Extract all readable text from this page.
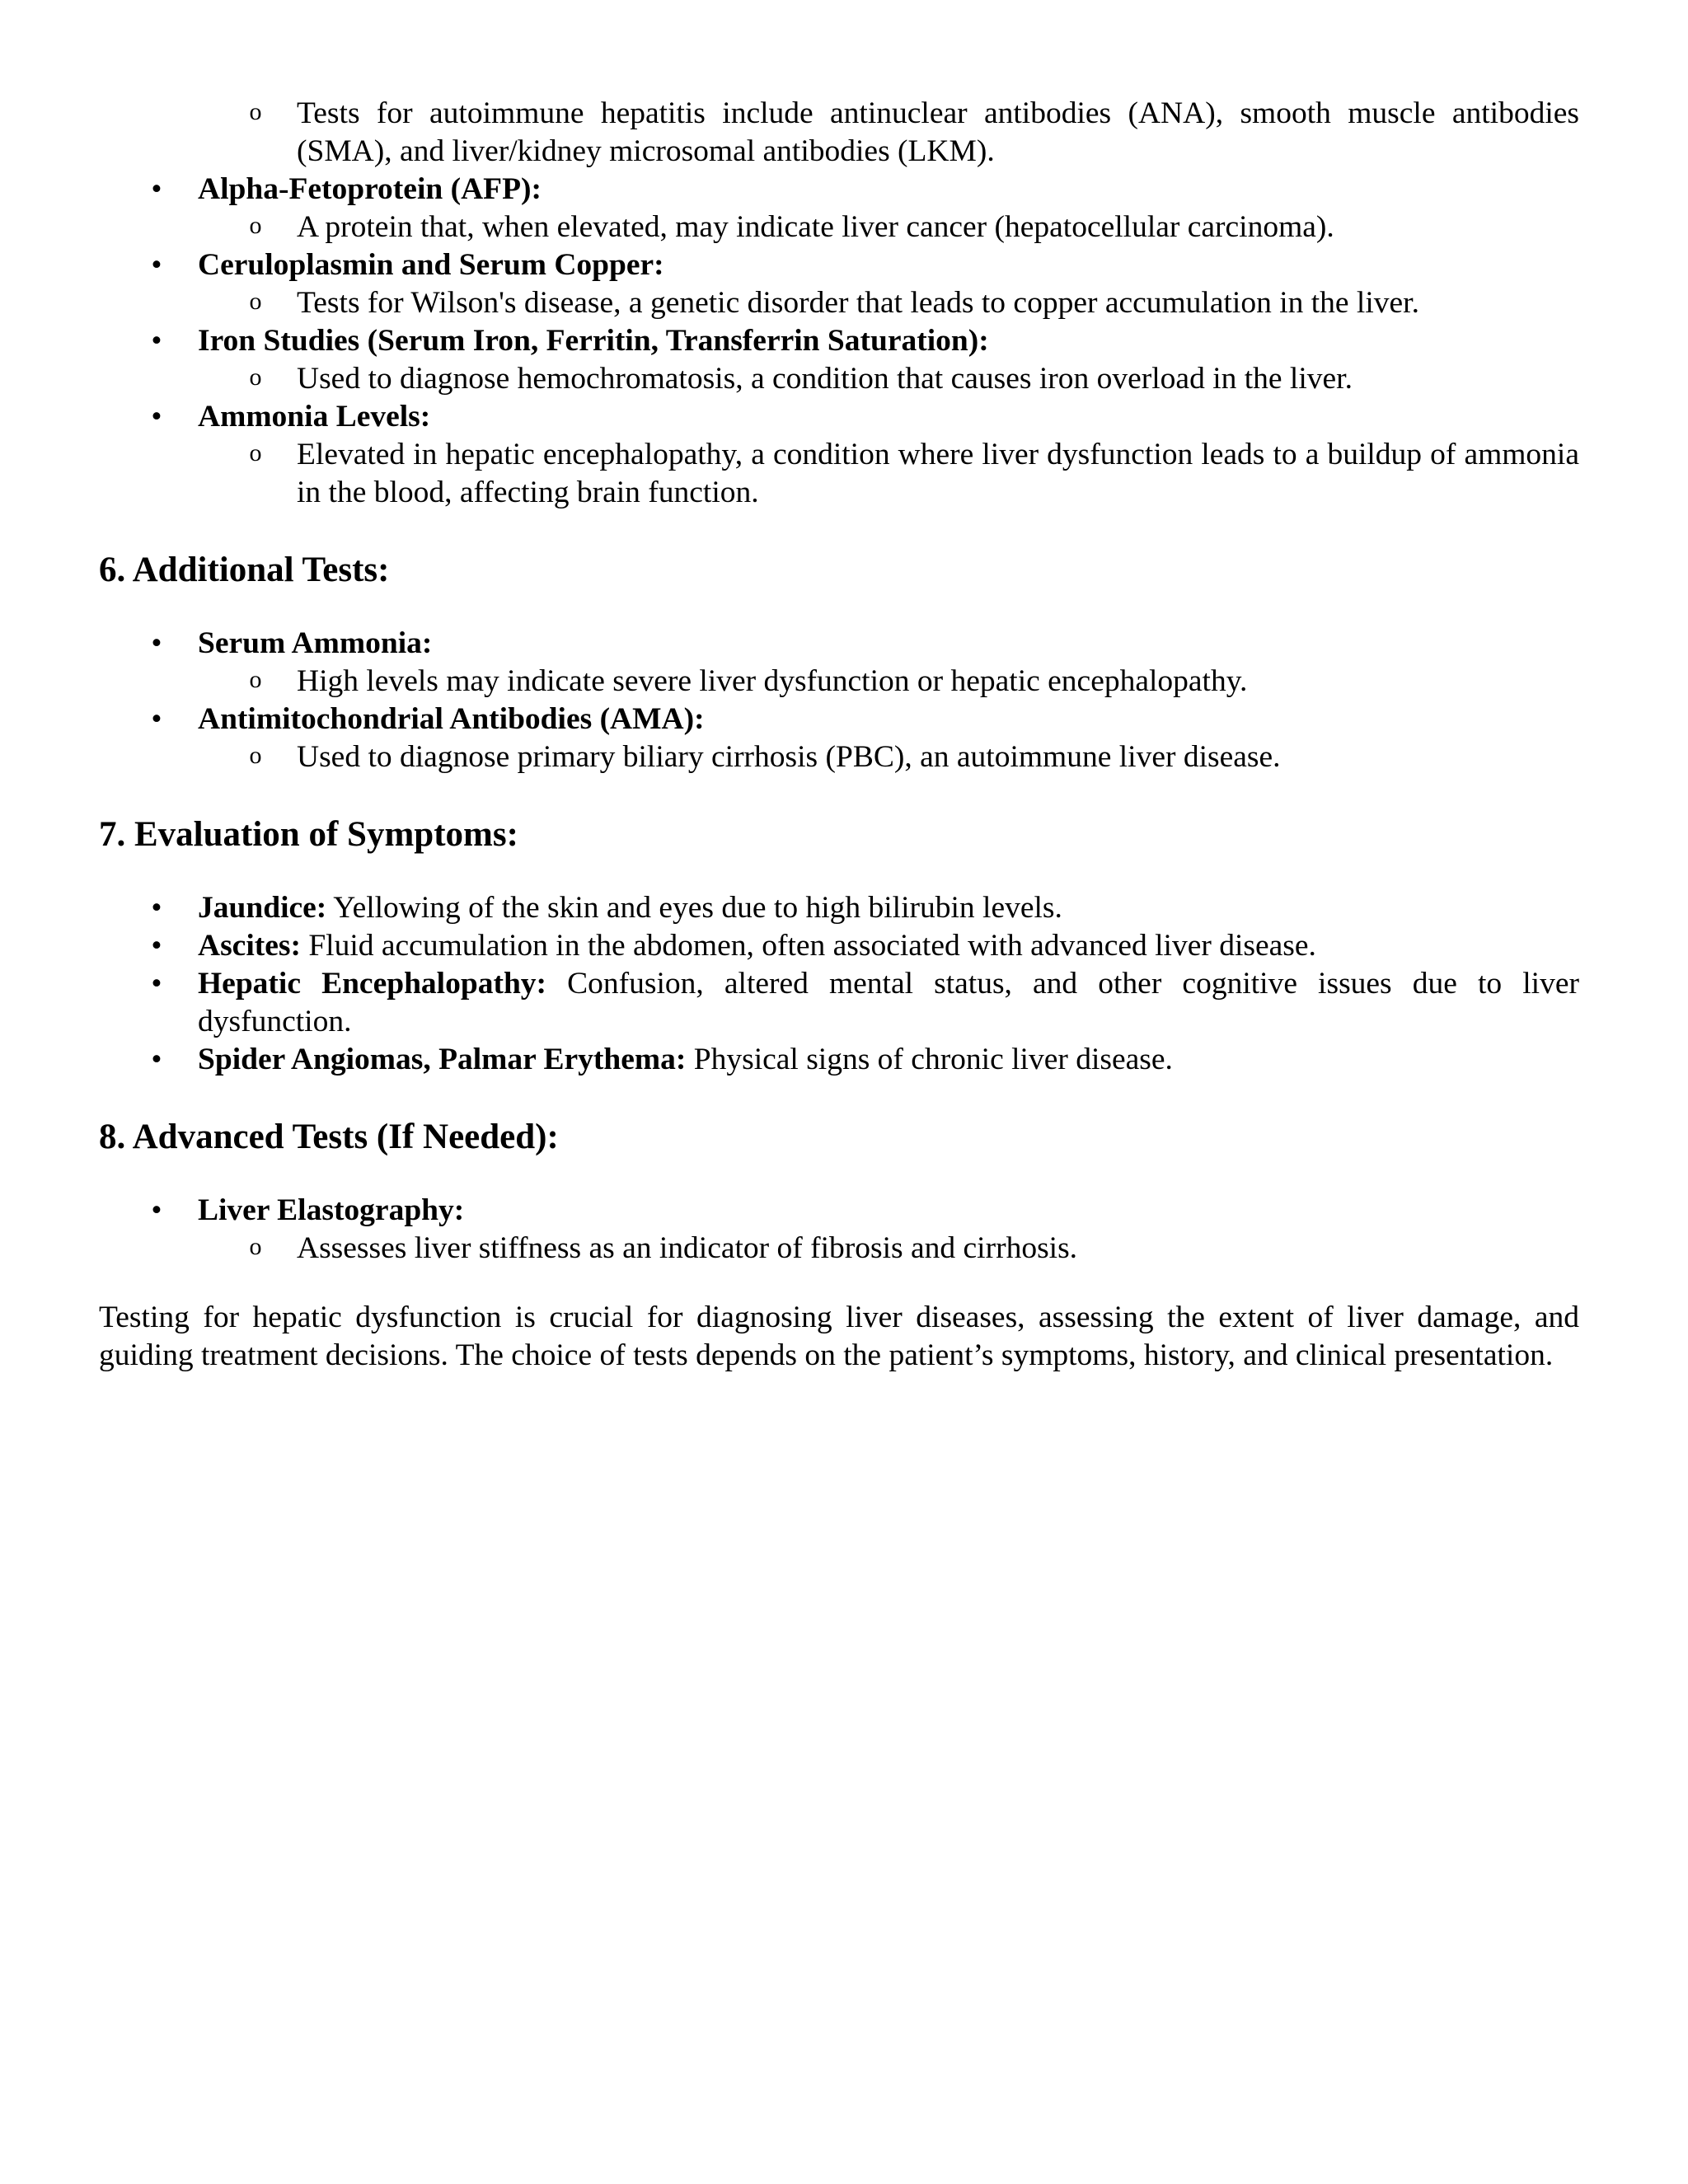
o Tests for autoimmune hepatitis include antinuclear antibodies (ANA), smooth muscle antibodies (SMA), and liver/kidney microsomal antibodies (LKM).
• Alpha-Fetoprotein (AFP):
o A protein that, when elevated, may indicate liver cancer (hepatocellular carcinoma).
• Ceruloplasmin and Serum Copper:
o Tests for Wilson's disease, a genetic disorder that leads to copper accumulation in the liver.
• Iron Studies (Serum Iron, Ferritin, Transferrin Saturation):
o Used to diagnose hemochromatosis, a condition that causes iron overload in the liver.
• Ammonia Levels:
o Elevated in hepatic encephalopathy, a condition where liver dysfunction leads to a buildup of ammonia in the blood, affecting brain function.
6. Additional Tests:
• Serum Ammonia:
o High levels may indicate severe liver dysfunction or hepatic encephalopathy.
• Antimitochondrial Antibodies (AMA):
o Used to diagnose primary biliary cirrhosis (PBC), an autoimmune liver disease.
7. Evaluation of Symptoms:
• Jaundice: Yellowing of the skin and eyes due to high bilirubin levels.
• Ascites: Fluid accumulation in the abdomen, often associated with advanced liver disease.
• Hepatic Encephalopathy: Confusion, altered mental status, and other cognitive issues due to liver dysfunction.
• Spider Angiomas, Palmar Erythema: Physical signs of chronic liver disease.
8. Advanced Tests (If Needed):
• Liver Elastography:
o Assesses liver stiffness as an indicator of fibrosis and cirrhosis.

Testing for hepatic dysfunction is crucial for diagnosing liver diseases, assessing the extent of liver damage, and guiding treatment decisions. The choice of tests depends on the patient’s symptoms, history, and clinical presentation.
